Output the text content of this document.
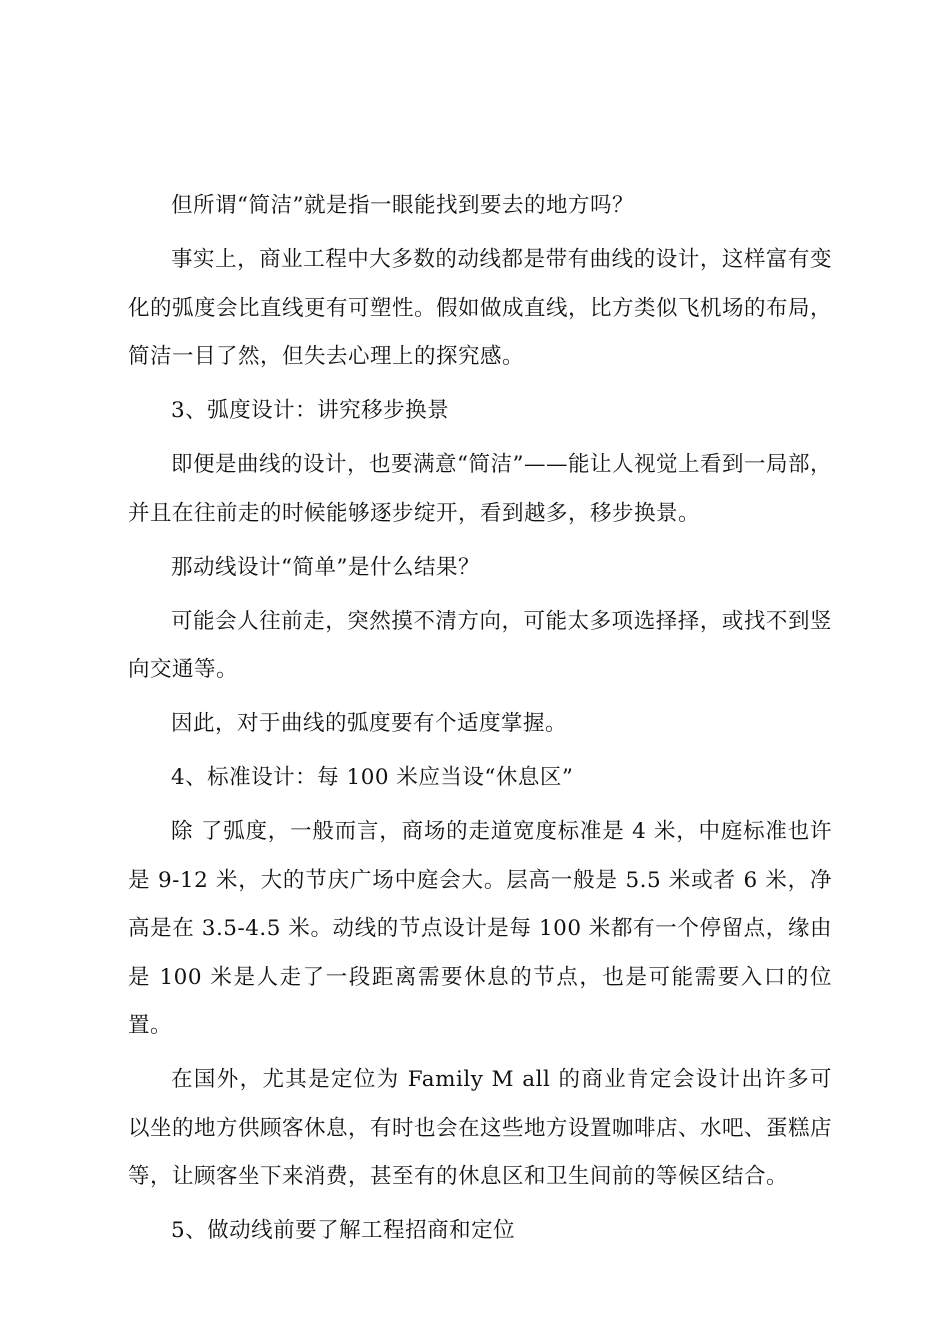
但所谓“简洁”就是指一眼能找到要去的地方吗？

事实上，商业工程中大多数的动线都是带有曲线的设计，这样富有变化的弧度会比直线更有可塑性。假如做成直线，比方类似飞机场的布局，简洁一目了然，但失去心理上的探究感。

3、弧度设计：讲究移步换景

即便是曲线的设计，也要满意“简洁”——能让人视觉上看到一局部，并且在往前走的时候能够逐步绽开，看到越多，移步换景。

那动线设计“简单”是什么结果？

可能会人往前走，突然摸不清方向，可能太多项选择择，或找不到竖向交通等。

因此，对于曲线的弧度要有个适度掌握。

4、标准设计：每 100 米应当设“休息区”

除 了弧度，一般而言，商场的走道宽度标准是 4 米，中庭标准也许是 9-12 米，大的节庆广场中庭会大。层高一般是 5.5 米或者 6 米，净高是在 3.5-4.5 米。动线的节点设计是每 100 米都有一个停留点，缘由是 100 米是人走了一段距离需要休息的节点，也是可能需要入口的位置。

在国外，尤其是定位为 Family M all 的商业肯定会设计出许多可以坐的地方供顾客休息，有时也会在这些地方设置咖啡店、水吧、蛋糕店等，让顾客坐下来消费，甚至有的休息区和卫生间前的等候区结合。

5、做动线前要了解工程招商和定位
